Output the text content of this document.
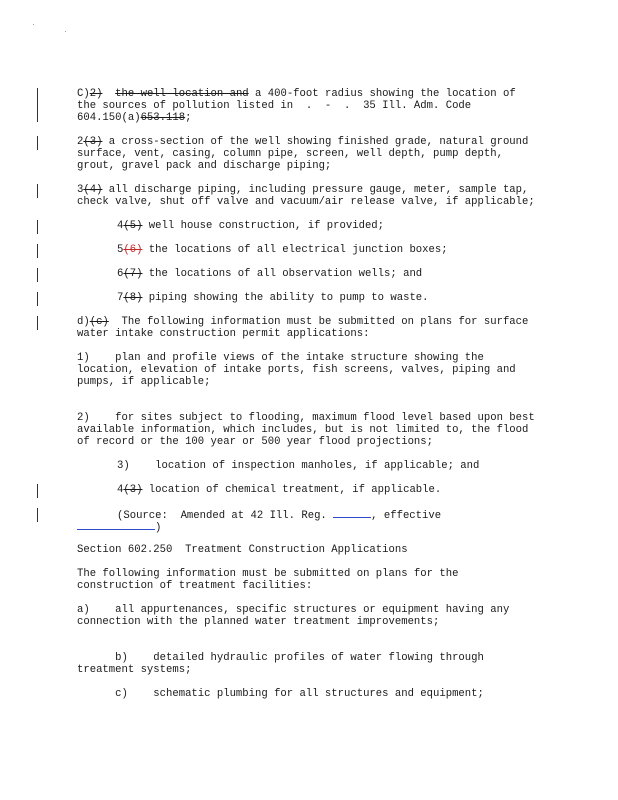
C)2) the well location and a 400-foot radius showing the location of
the sources of pollution listed in  .  -  .  35 Ill. Adm. Code
604.150(a)653.118;
2(3) a cross-section of the well showing finished grade, natural ground
surface, vent, casing, column pipe, screen, well depth, pump depth,
grout, gravel pack and discharge piping;
3(4) all discharge piping, including pressure gauge, meter, sample tap,
check valve, shut off valve and vacuum/air release valve, if applicable;
4(5) well house construction, if provided;
5(6) the locations of all electrical junction boxes;
6(7) the locations of all observation wells; and
7(8) piping showing the ability to pump to waste.
d)(c)  The following information must be submitted on plans for surface
water intake construction permit applications:
1)    plan and profile views of the intake structure showing the
location, elevation of intake ports, fish screens, valves, piping and
pumps, if applicable;
2)    for sites subject to flooding, maximum flood level based upon best
available information, which includes, but is not limited to, the flood
of record or the 100 year or 500 year flood projections;
3)    location of inspection manholes, if applicable; and
4(3) location of chemical treatment, if applicable.
(Source:  Amended at 42 Ill. Reg.	, effective
)
Section 602.250  Treatment Construction Applications
The following information must be submitted on plans for the
construction of treatment facilities:
a)    all appurtenances, specific structures or equipment having any
connection with the planned water treatment improvements;
b)    detailed hydraulic profiles of water flowing through
treatment systems;
c)    schematic plumbing for all structures and equipment;
